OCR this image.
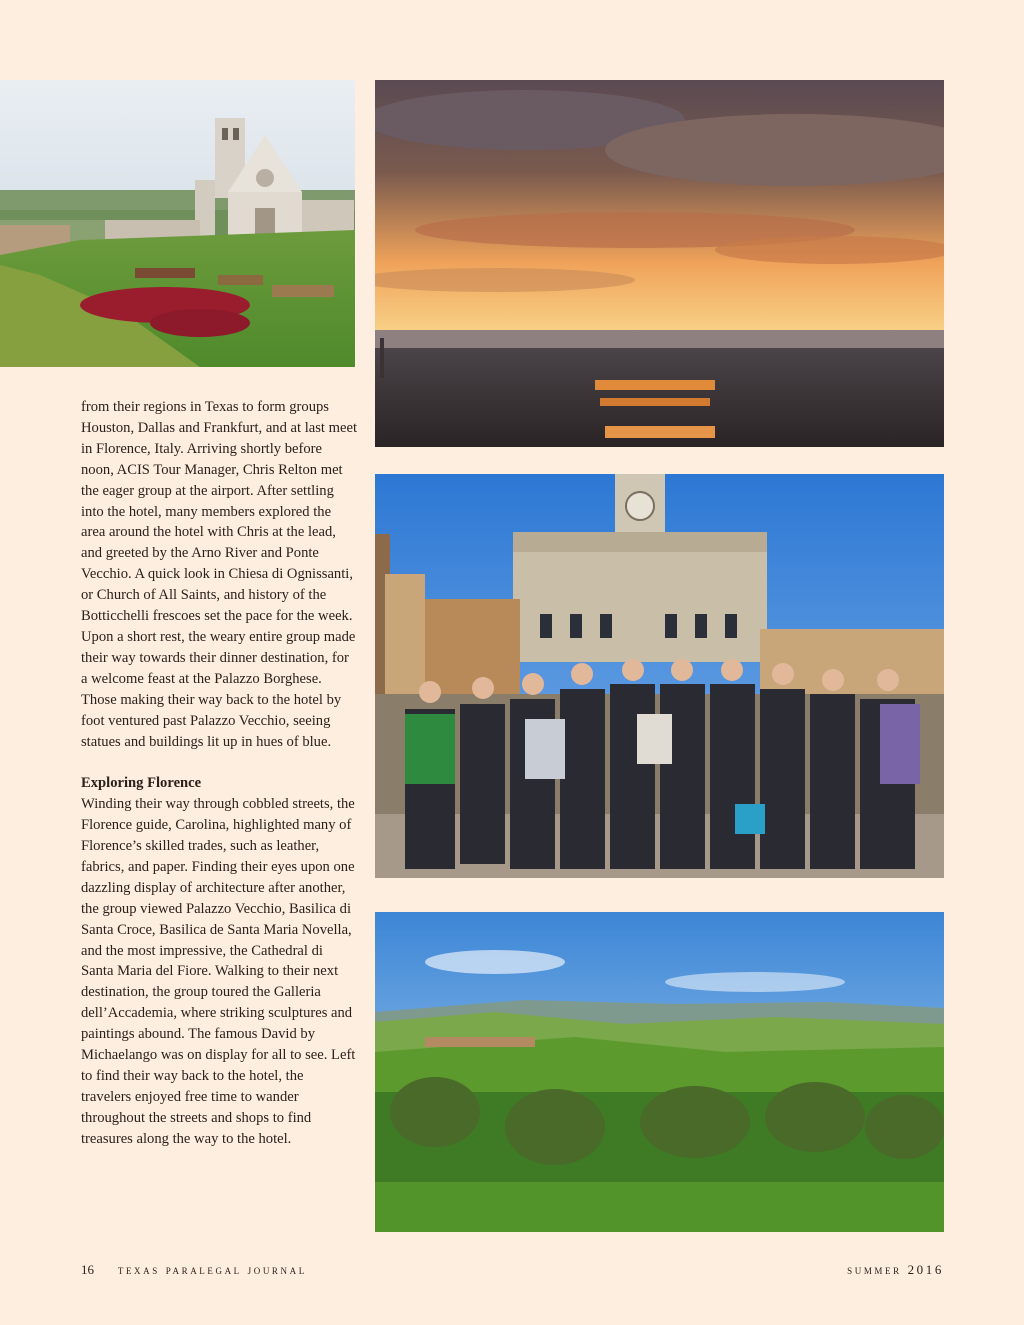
from their regions in Texas to form groups Houston, Dallas and Frankfurt, and at last meet in Florence, Italy. Arriving shortly before noon, ACIS Tour Manager, Chris Relton met the eager group at the airport. After settling into the hotel, many members explored the area around the hotel with Chris at the lead, and greeted by the Arno River and Ponte Vecchio. A quick look in Chiesa di Ognissanti, or Church of All Saints, and history of the Botticchelli frescoes set the pace for the week. Upon a short rest, the weary entire group made their way towards their dinner destination, for a welcome feast at the Palazzo Borghese. Those making their way back to the hotel by foot ventured past Palazzo Vecchio, seeing statues and buildings lit up in hues of blue.

Exploring Florence

Winding their way through cobbled streets, the Florence guide, Carolina, highlighted many of Florence’s skilled trades, such as leather, fabrics, and paper. Finding their eyes upon one dazzling display of architecture after another, the group viewed Palazzo Vecchio, Basilica di Santa Croce, Basilica de Santa Maria Novella, and the most impressive, the Cathedral di Santa Maria del Fiore. Walking to their next destination, the group toured the Galleria dell’Accademia, where striking sculptures and paintings abound. The famous David by Michaelango was on display for all to see. Left to find their way back to the hotel, the travelers enjoyed free time to wander throughout the streets and shops to find treasures along the way to the hotel.

16 texas paralegal journal	summer 2016
